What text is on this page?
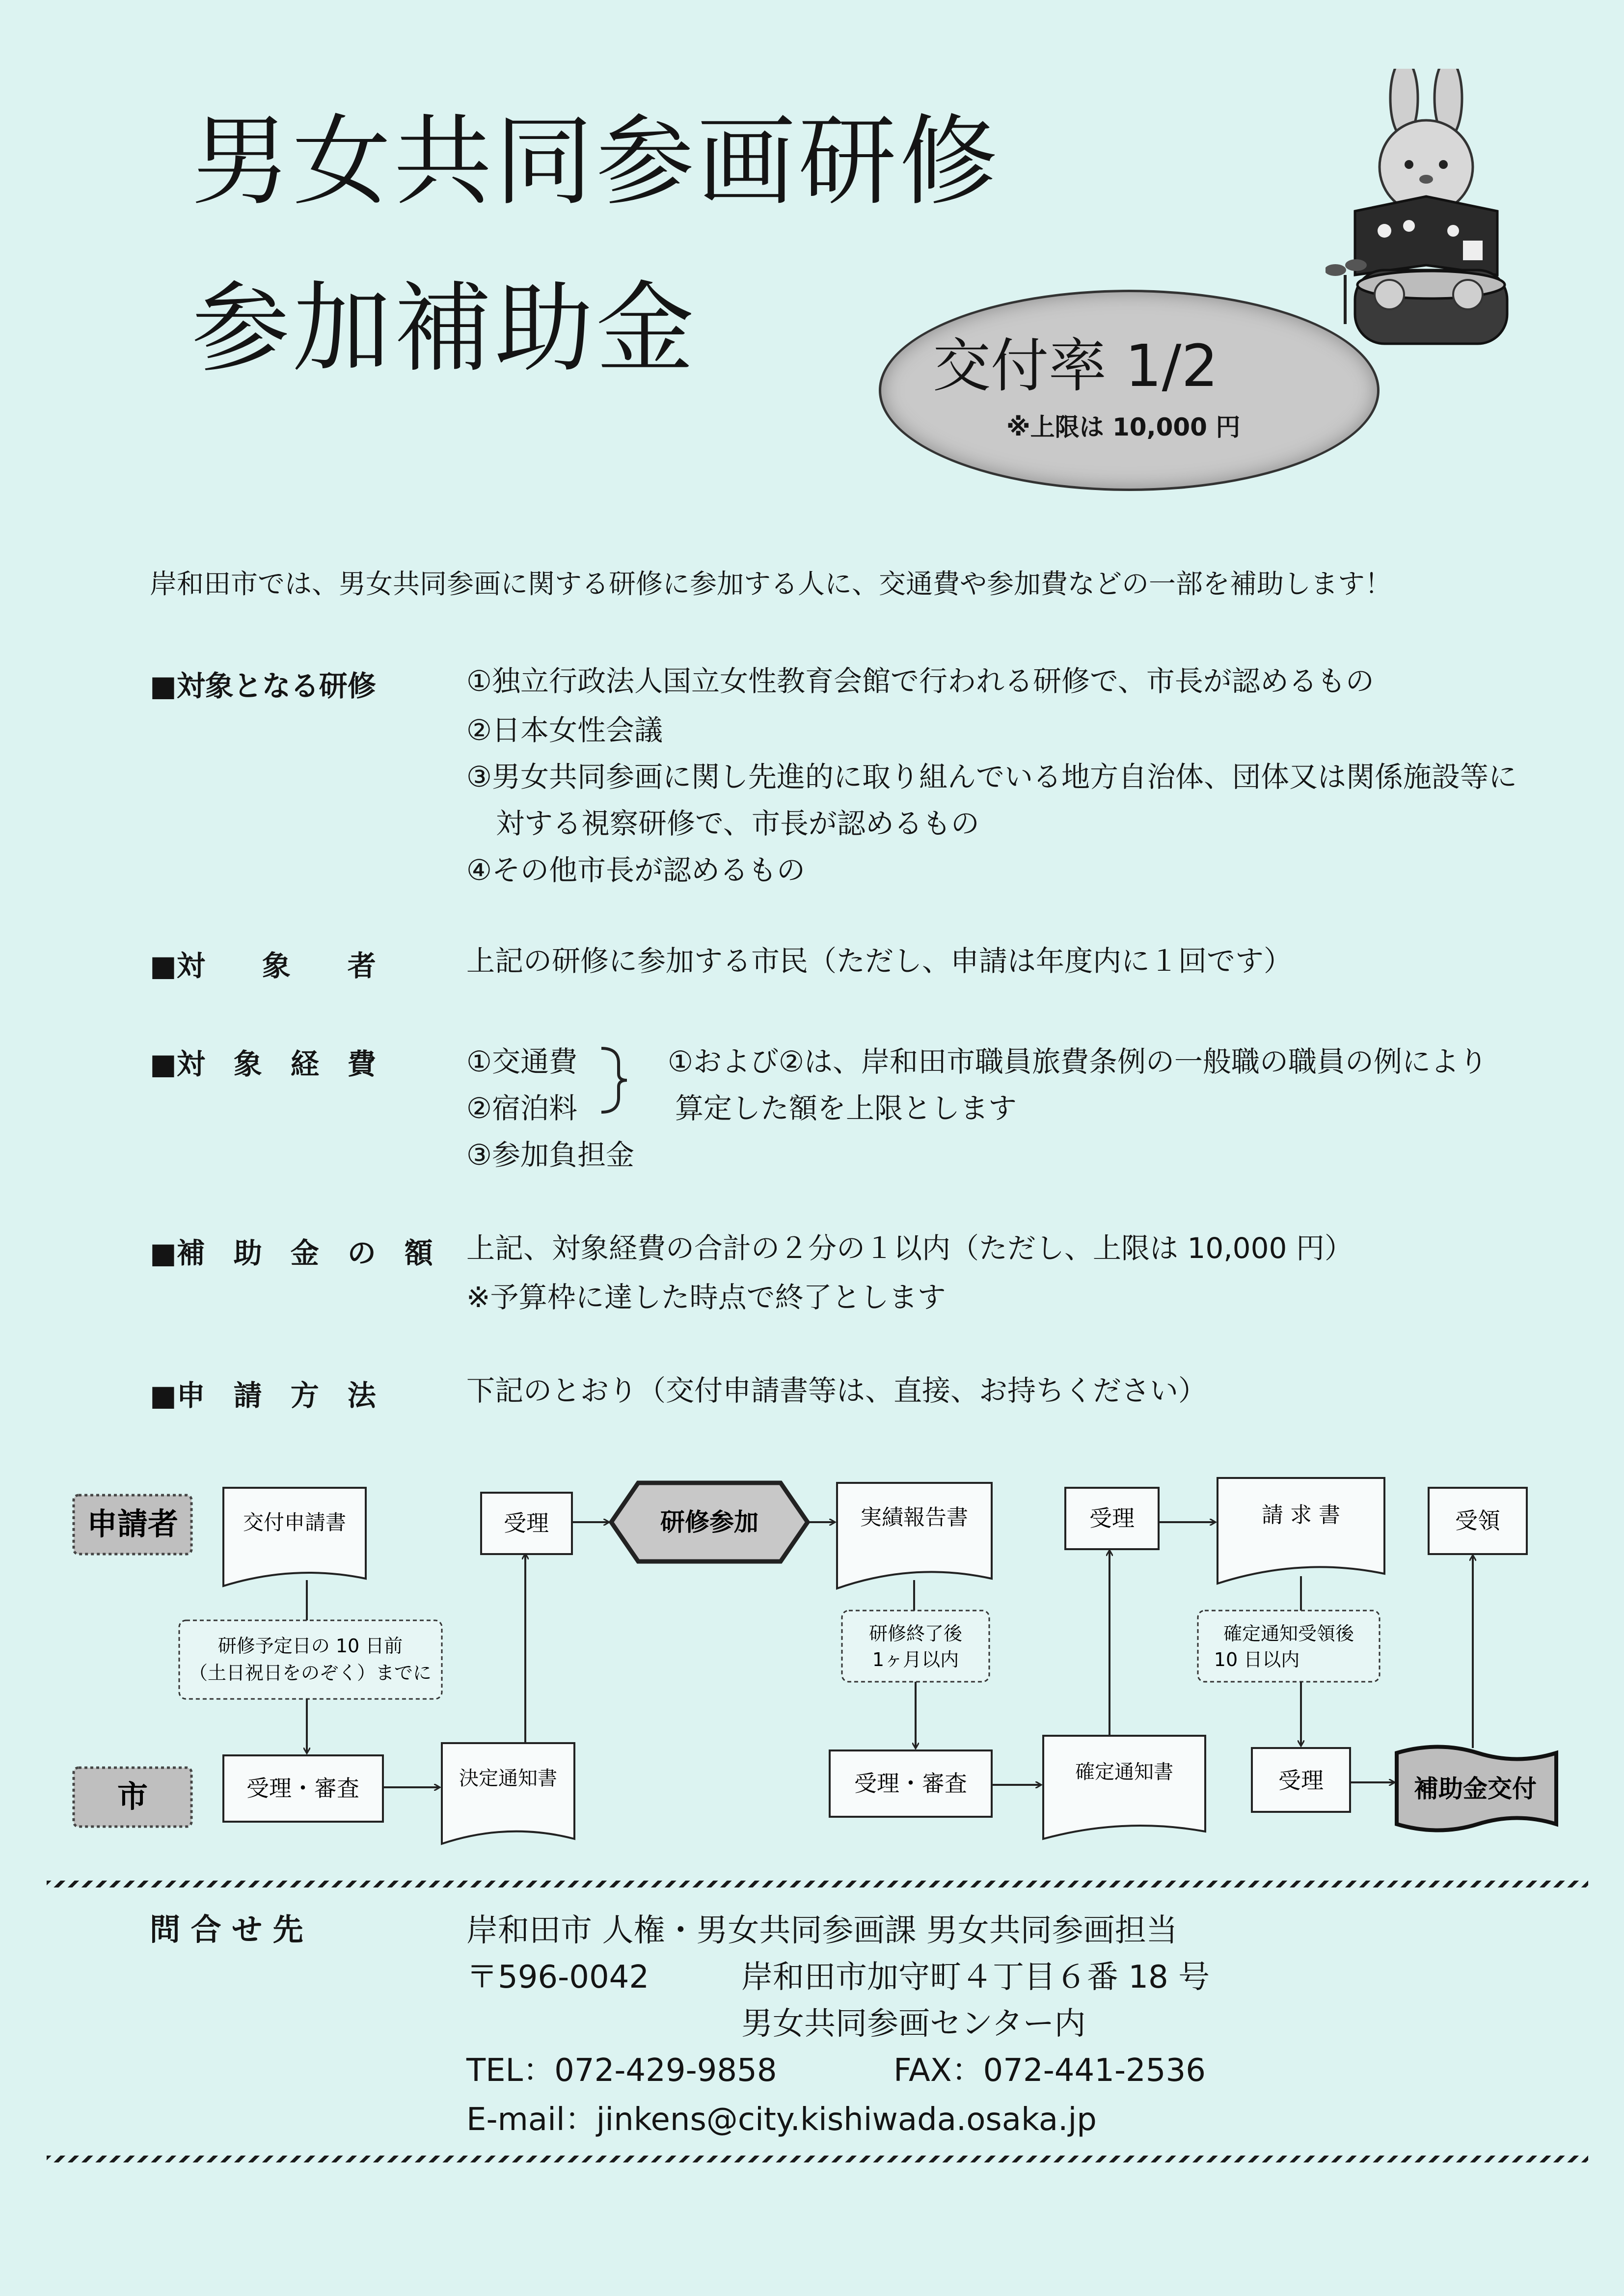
男女共同参画研修
参加補助金	交付率 1/2
※上限は 10,000 円
岸和田市では、男女共同参画に関する研修に参加する人に、交通費や参加費などの一部を補助します！
■対象となる研修	①独立行政法人国立女性教育会館で行われる研修で、市長が認めるもの
②日本女性会議
③男女共同参画に関し先進的に取り組んでいる地方自治体、団体又は関係施設等に
対する視察研修で、市長が認めるもの
④その他市長が認めるもの
■対　　象　　者	上記の研修に参加する市民（ただし、申請は年度内に１回です）
■対　象　経　費	①交通費
②宿泊料
③参加負担金
①および②は、岸和田市職員旅費条例の一般職の職員の例により
算定した額を上限とします
■補　助　金　の　額 上記、対象経費の合計の２分の１以内（ただし、上限は 10,000 円）
※予算枠に達した時点で終了とします
■申　請　方　法	下記のとおり（交付申請書等は、直接、お持ちください）
申請者
市
交付申請書
研修予定日の 10 日前
（土日祝日をのぞく）までに
受理・審査	決定通知書
受理	研修参加	実績報告書
研修終了後
1ヶ月以内
受理・審査	確定通知書
受理	請 求 書
確定通知受領後
10 日以内
受理	補助金交付
受領
問 合 せ 先	岸和田市 人権・男女共同参画課 男女共同参画担当
〒596-0042	岸和田市加守町４丁目６番 18 号
男女共同参画センター内
TEL：072-429-9858	FAX：072-441-2536
E-mail：jinkens@city.kishiwada.osaka.jp
